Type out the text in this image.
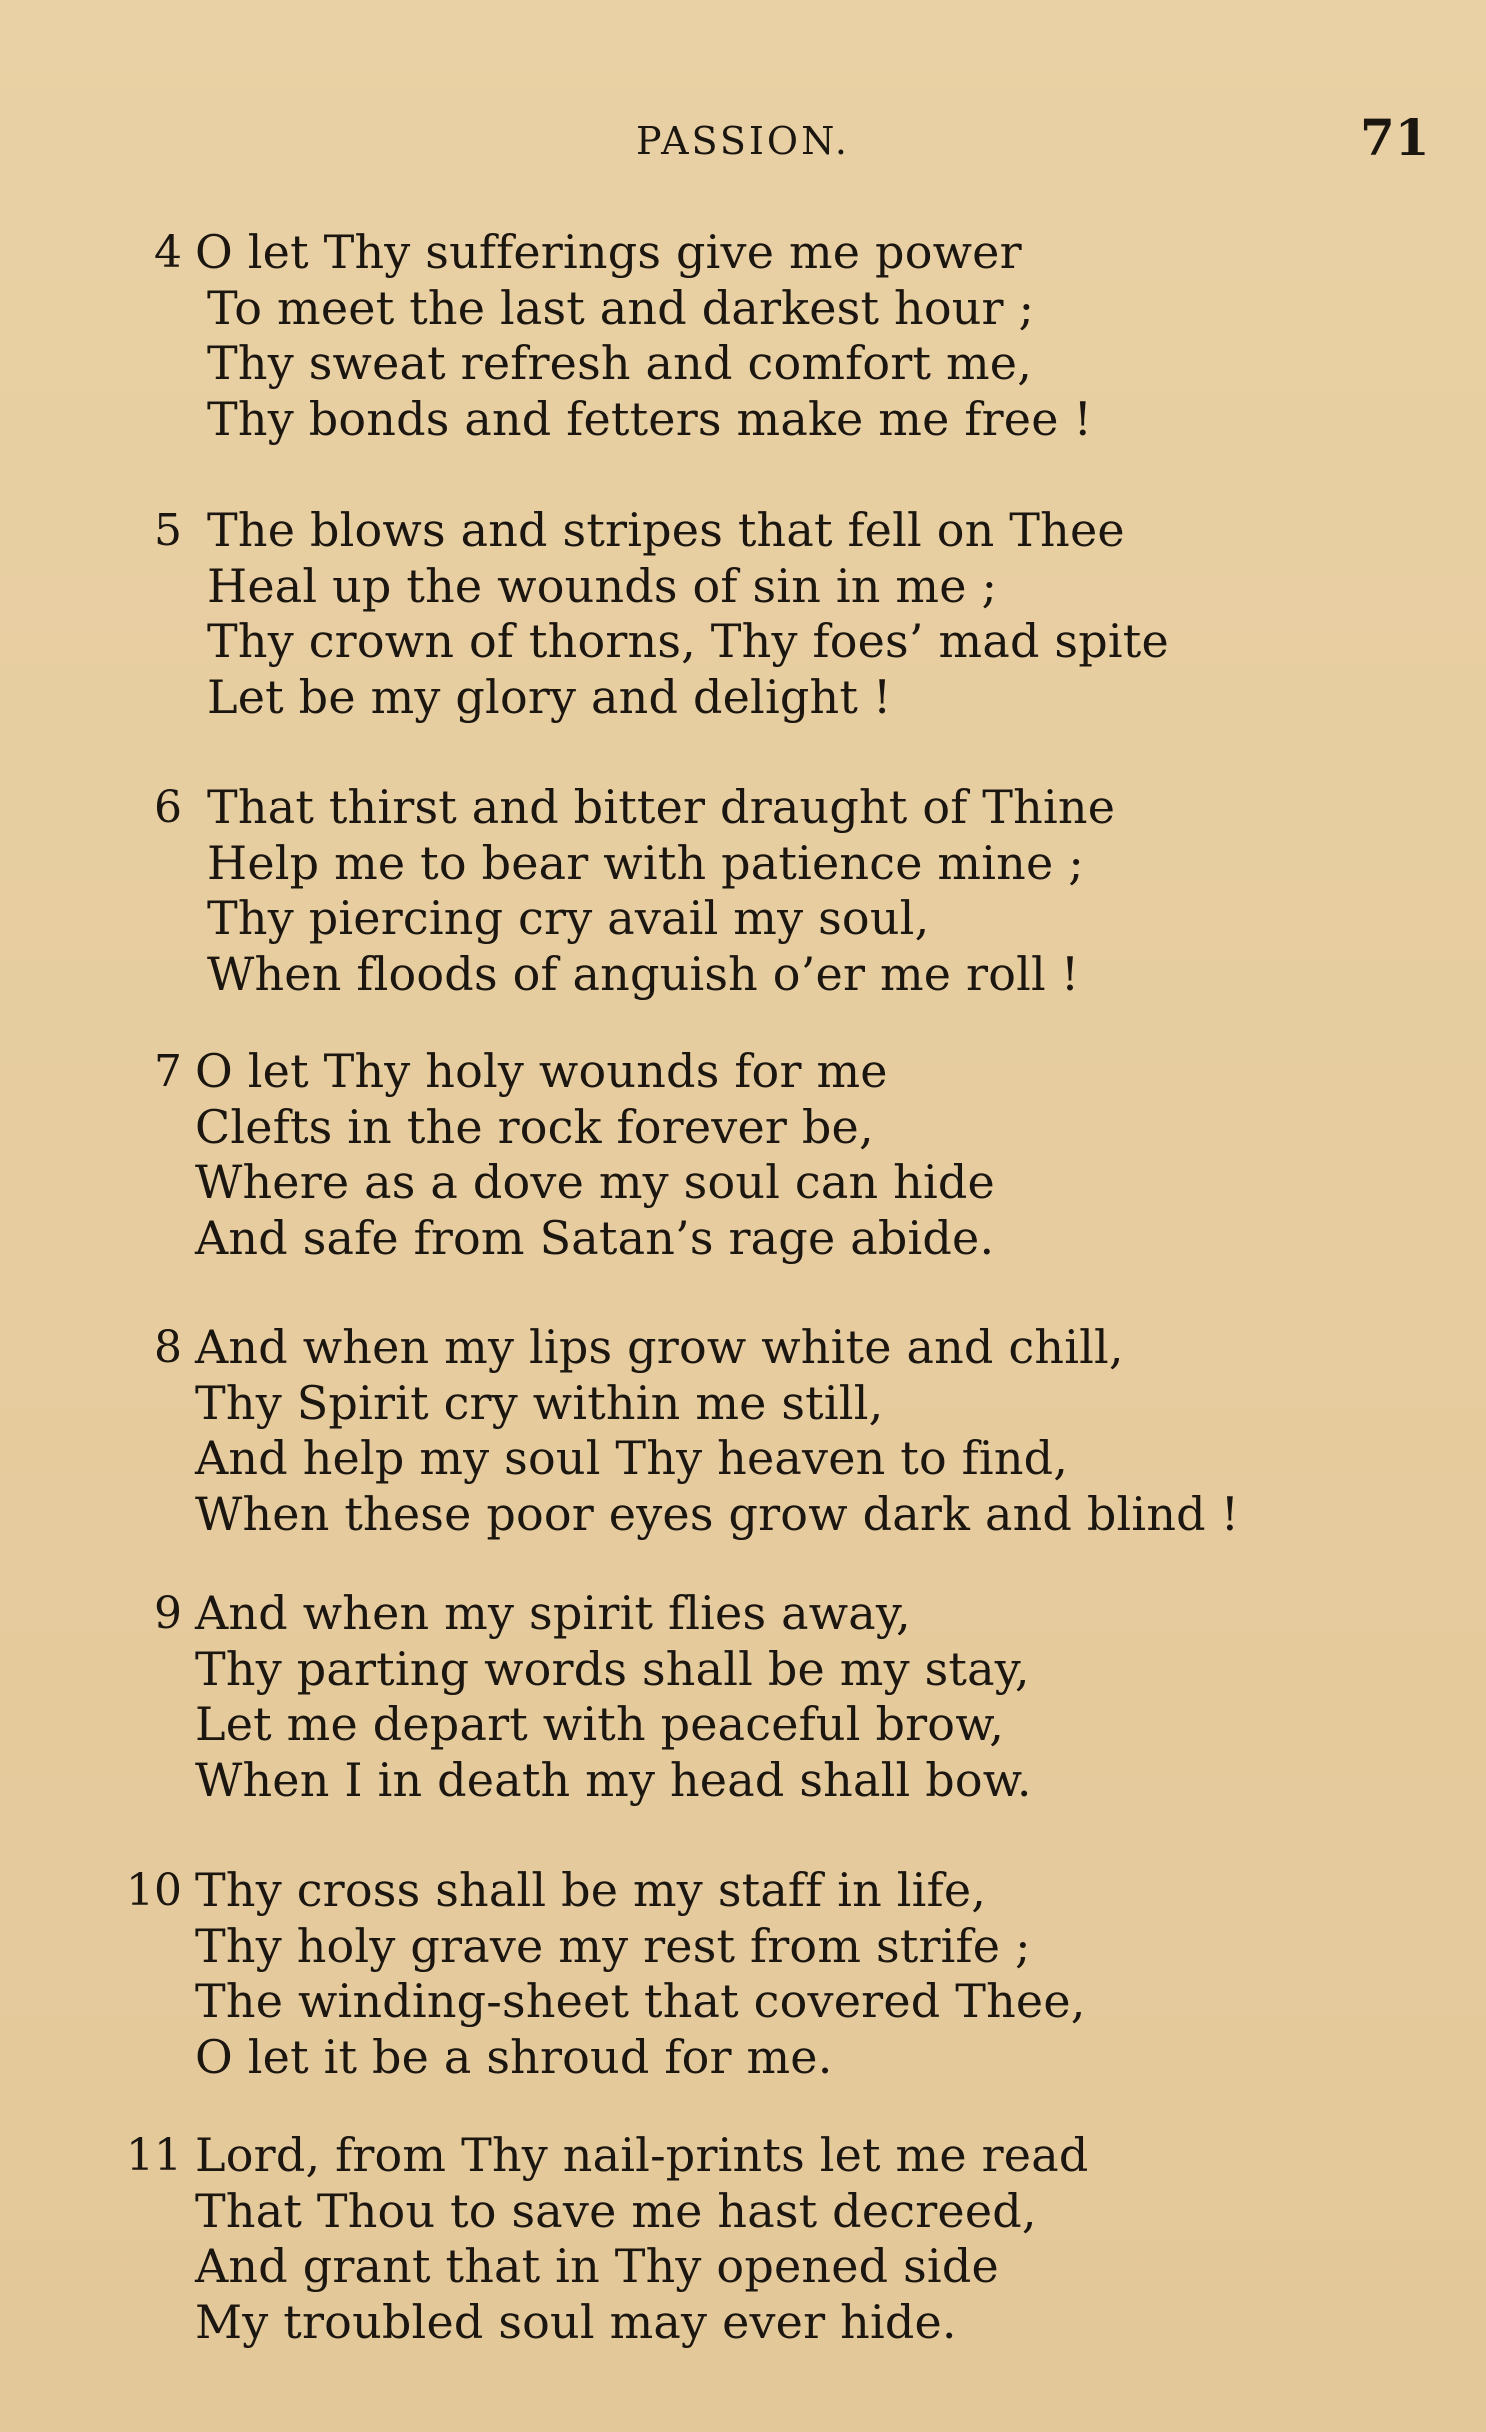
PASSION.	71
4 O let Thy sufferings give me power
To meet the last and darkest hour ;
Thy sweat refresh and comfort me,
Thy bonds and fetters make me free !
5 The blows and stripes that fell on Thee
Heal up the wounds of sin in me ;
Thy crown of thorns, Thy foes’ mad spite
Let be my glory and delight !
6 That thirst and bitter draught of Thine
Help me to bear with patience mine ;
Thy piercing cry avail my soul,
When floods of anguish o’er me roll !
7 O let Thy holy wounds for me
Clefts in the rock forever be,
Where as a dove my soul can hide
And safe from Satan’s rage abide.
8 And when my lips grow white and chill,
Thy Spirit cry within me still,
And help my soul Thy heaven to find,
When these poor eyes grow dark and blind !
9 And when my spirit flies away,
Thy parting words shall be my stay,
Let me depart with peaceful brow,
When I in death my head shall bow.
10 Thy cross shall be my staff in life,
Thy holy grave my rest from strife ;
The winding-sheet that covered Thee,
O let it be a shroud for me.
11 Lord, from Thy nail-prints let me read
That Thou to save me hast decreed,
And grant that in Thy opened side
My troubled soul may ever hide.
